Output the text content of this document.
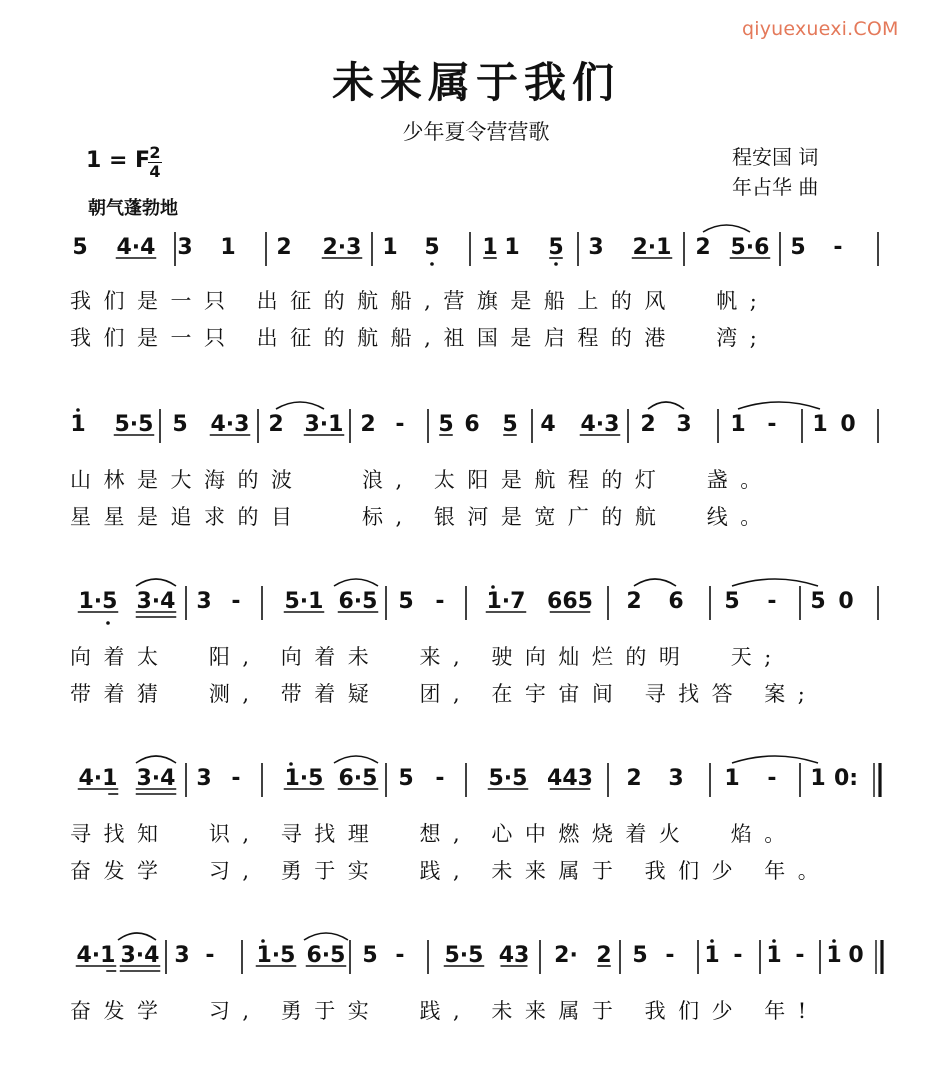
qiyuexuexi.COM
未来属于我们
少年夏令营营歌
1 = F 2
4
朝气蓬勃地
程安国 词
年占华 曲
5 4·4 3 1 2 2·3 1 5 1 1 5 3 2·1 2 5·6 5 -
1 5·5 5 4·3 2 3·1 2 - 5 6 5 4 4·3 2 3 1 - 1 0
1·5 3·4 3 - 5·1 6·5 5 - 1·7 665 2 6 5 - 5 0
4·1 3·4 3 - 1·5 6·5 5 - 5·5 443 2 3 1 - 1 0:
4·1 3·4 3 - 1·5 6·5 5 - 5·5 43 2· 2 5 - 1 - 1 - 1 0
我们是一只 出征的航船,营旗是船上的风  帆;
我们是一只 出征的航船,祖国是启程的港  湾;
山林是大海的波   浪, 太阳是航程的灯  盏。
星星是追求的目   标, 银河是宽广的航  线。
向着太  阳, 向着未  来, 驶向灿烂的明  天;
带着猜  测, 带着疑  团, 在宇宙间 寻找答 案;
寻找知  识, 寻找理  想, 心中燃烧着火  焰。
奋发学  习, 勇于实  践, 未来属于 我们少 年。
奋发学  习, 勇于实  践, 未来属于 我们少 年!
